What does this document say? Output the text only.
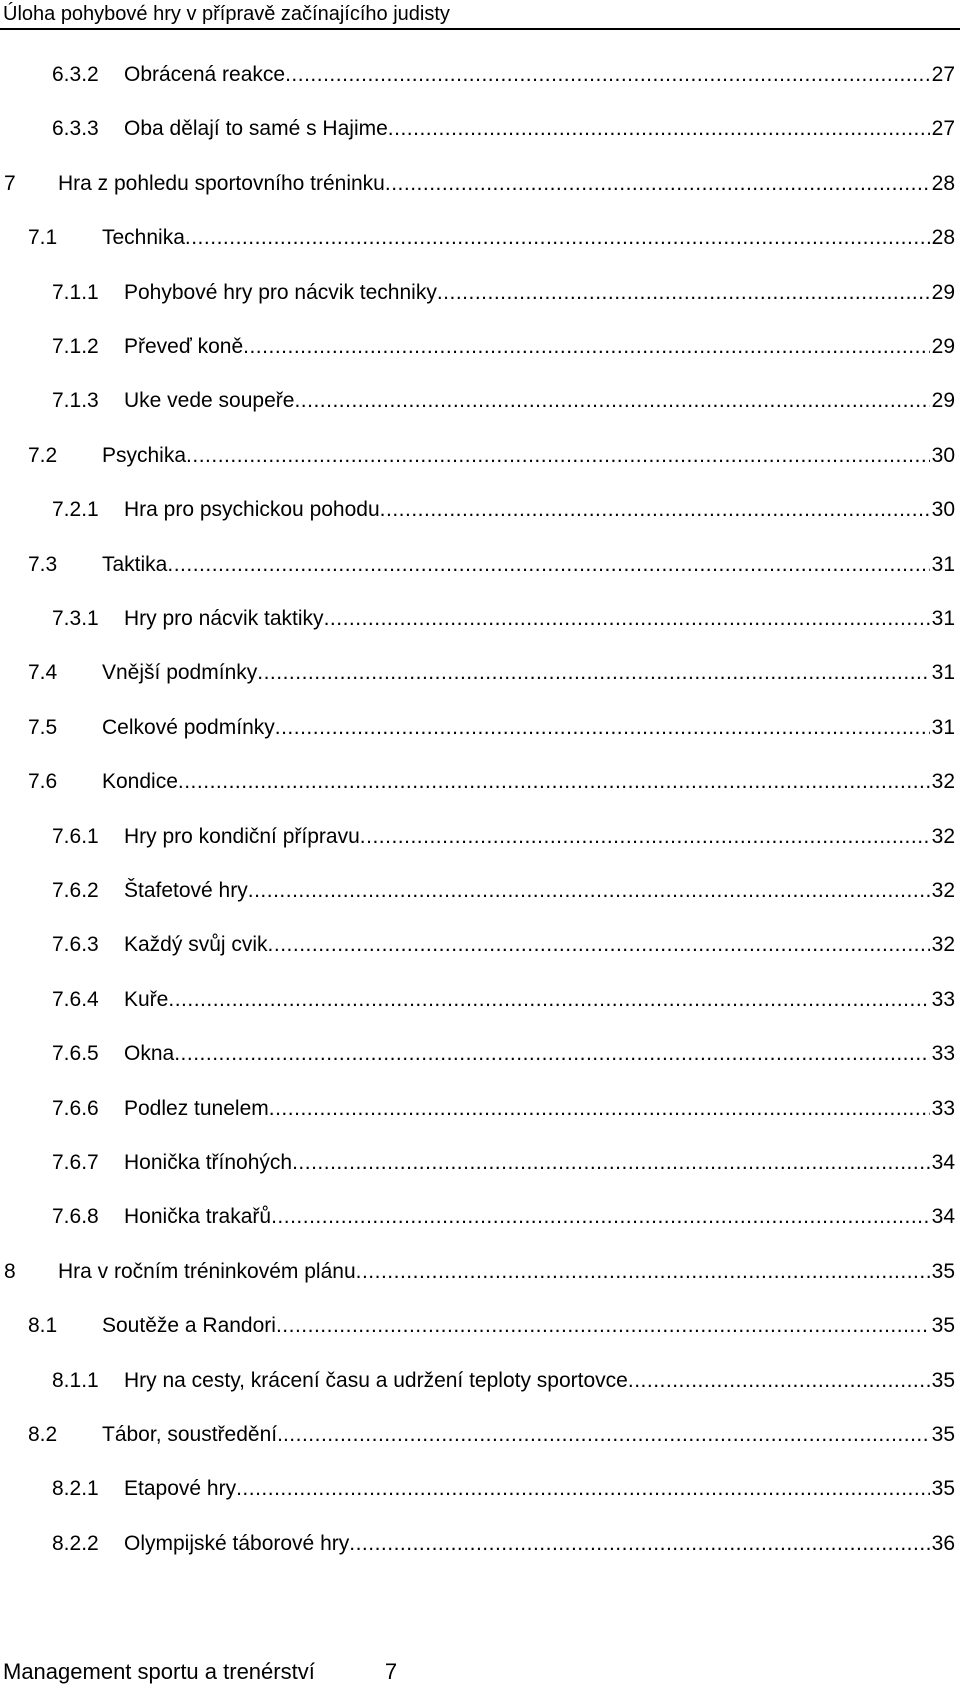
Úloha pohybové hry v přípravě začínajícího judisty
6.3.2	Obrácená reakce .....	27
6.3.3	Oba dělají to samé s Hajime .....	27
7	Hra z pohledu sportovního tréninku .....	28
7.1	Technika .....	28
7.1.1	Pohybové hry pro nácvik techniky .....	29
7.1.2	Převeď koně .....	29
7.1.3	Uke vede soupeře .....	29
7.2	Psychika .....	30
7.2.1	Hra pro psychickou pohodu .....	30
7.3	Taktika .....	31
7.3.1	Hry pro nácvik taktiky .....	31
7.4	Vnější podmínky .....	31
7.5	Celkové podmínky .....	31
7.6	Kondice .....	32
7.6.1	Hry pro kondiční přípravu .....	32
7.6.2	Štafetové hry .....	32
7.6.3	Každý svůj cvik .....	32
7.6.4	Kuře .....	33
7.6.5	Okna .....	33
7.6.6	Podlez tunelem .....	33
7.6.7	Honička třínohých .....	34
7.6.8	Honička trakařů .....	34
8	Hra v ročním tréninkovém plánu .....	35
8.1	Soutěže a Randori .....	35
8.1.1	Hry na cesty, krácení času a udržení teploty sportovce .....	35
8.2	Tábor, soustředění. .....	35
8.2.1	Etapové hry .....	35
8.2.2	Olympijské táborové hry .....	36
Management sportu a trenérství	7
